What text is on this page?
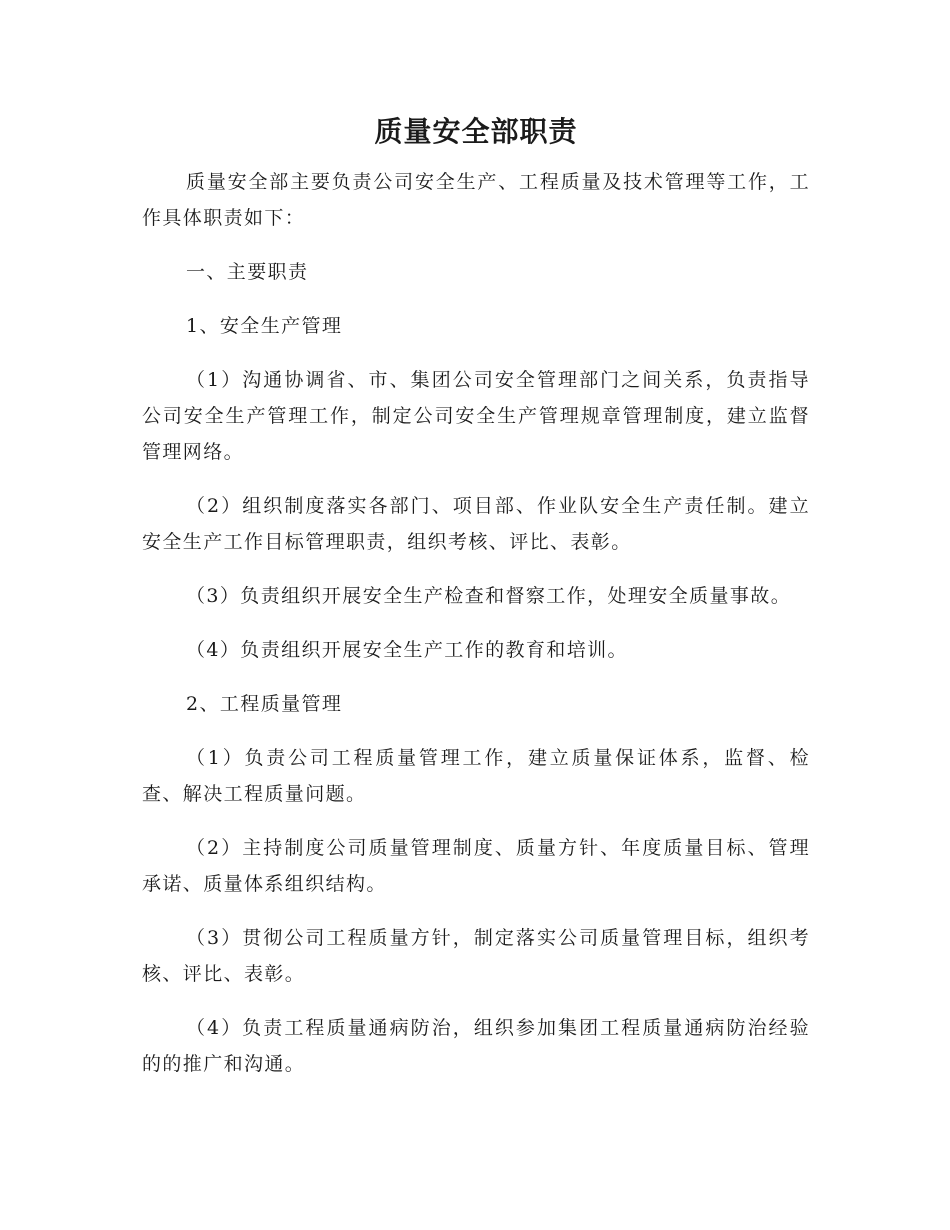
质量安全部职责

质量安全部主要负责公司安全生产、工程质量及技术管理等工作，工作具体职责如下：

一、主要职责

1、安全生产管理

（1）沟通协调省、市、集团公司安全管理部门之间关系，负责指导公司安全生产管理工作，制定公司安全生产管理规章管理制度，建立监督管理网络。

（2）组织制度落实各部门、项目部、作业队安全生产责任制。建立安全生产工作目标管理职责，组织考核、评比、表彰。

（3）负责组织开展安全生产检查和督察工作，处理安全质量事故。

（4）负责组织开展安全生产工作的教育和培训。

2、工程质量管理

（1）负责公司工程质量管理工作，建立质量保证体系，监督、检查、解决工程质量问题。

（2）主持制度公司质量管理制度、质量方针、年度质量目标、管理承诺、质量体系组织结构。

（3）贯彻公司工程质量方针，制定落实公司质量管理目标，组织考核、评比、表彰。

（4）负责工程质量通病防治，组织参加集团工程质量通病防治经验的的推广和沟通。
